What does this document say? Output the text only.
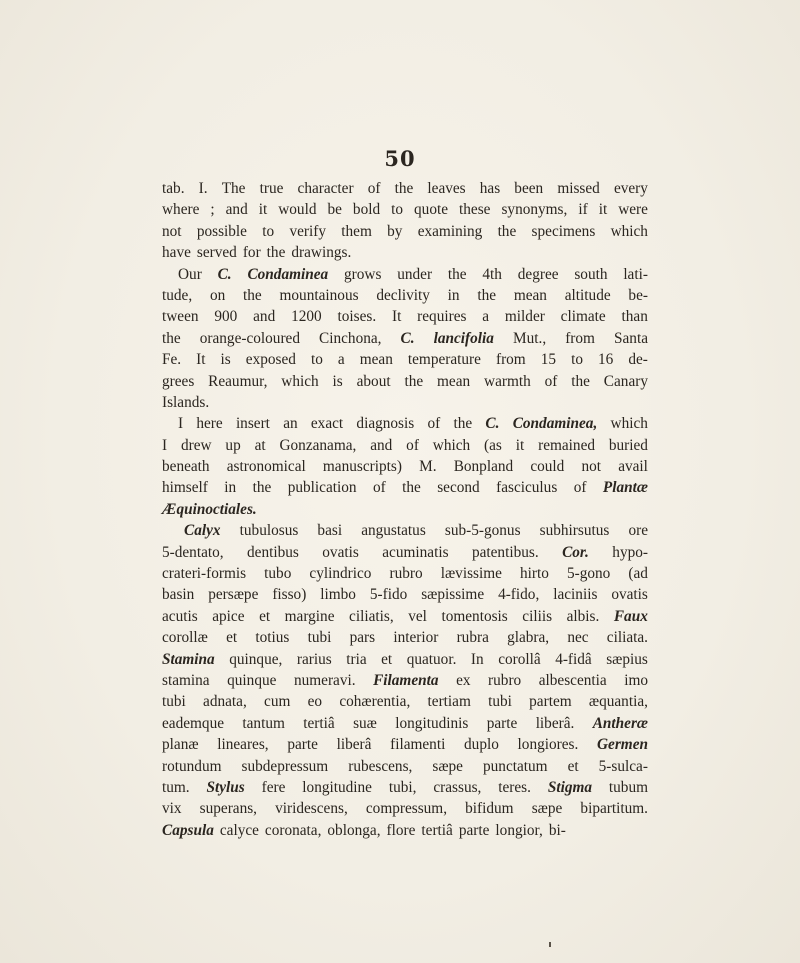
50
tab. I. The true character of the leaves has been missed every
where ; and it would be bold to quote these synonyms, if it were
not possible to verify them by examining the specimens which
have served for the drawings.
Our C. Condaminea grows under the 4th degree south lati-
tude, on the mountainous declivity in the mean altitude be-
tween 900 and 1200 toises. It requires a milder climate than
the orange-coloured Cinchona, C. lancifolia Mut., from Santa
Fe. It is exposed to a mean temperature from 15 to 16 de-
grees Reaumur, which is about the mean warmth of the Canary
Islands.
I here insert an exact diagnosis of the C. Condaminea, which
I drew up at Gonzanama, and of which (as it remained buried
beneath astronomical manuscripts) M. Bonpland could not avail
himself in the publication of the second fasciculus of Plantæ
Æquinoctiales.
Calyx tubulosus basi angustatus sub-5-gonus subhirsutus ore
5-dentato, dentibus ovatis acuminatis patentibus. Cor. hypo-
crateri-formis tubo cylindrico rubro lævissime hirto 5-gono (ad
basin persæpe fisso) limbo 5-fido sæpissime 4-fido, laciniis ovatis
acutis apice et margine ciliatis, vel tomentosis ciliis albis. Faux
corollæ et totius tubi pars interior rubra glabra, nec ciliata.
Stamina quinque, rarius tria et quatuor. In corollâ 4-fidâ sæpius
stamina quinque numeravi. Filamenta ex rubro albescentia imo
tubi adnata, cum eo cohærentia, tertiam tubi partem æquantia,
eademque tantum tertiâ suæ longitudinis parte liberâ. Antheræ
planæ lineares, parte liberâ filamenti duplo longiores. Germen
rotundum subdepressum rubescens, sæpe punctatum et 5-sulca-
tum. Stylus fere longitudine tubi, crassus, teres. Stigma tubum
vix superans, viridescens, compressum, bifidum sæpe bipartitum.
Capsula calyce coronata, oblonga, flore tertiâ parte longior, bi-
